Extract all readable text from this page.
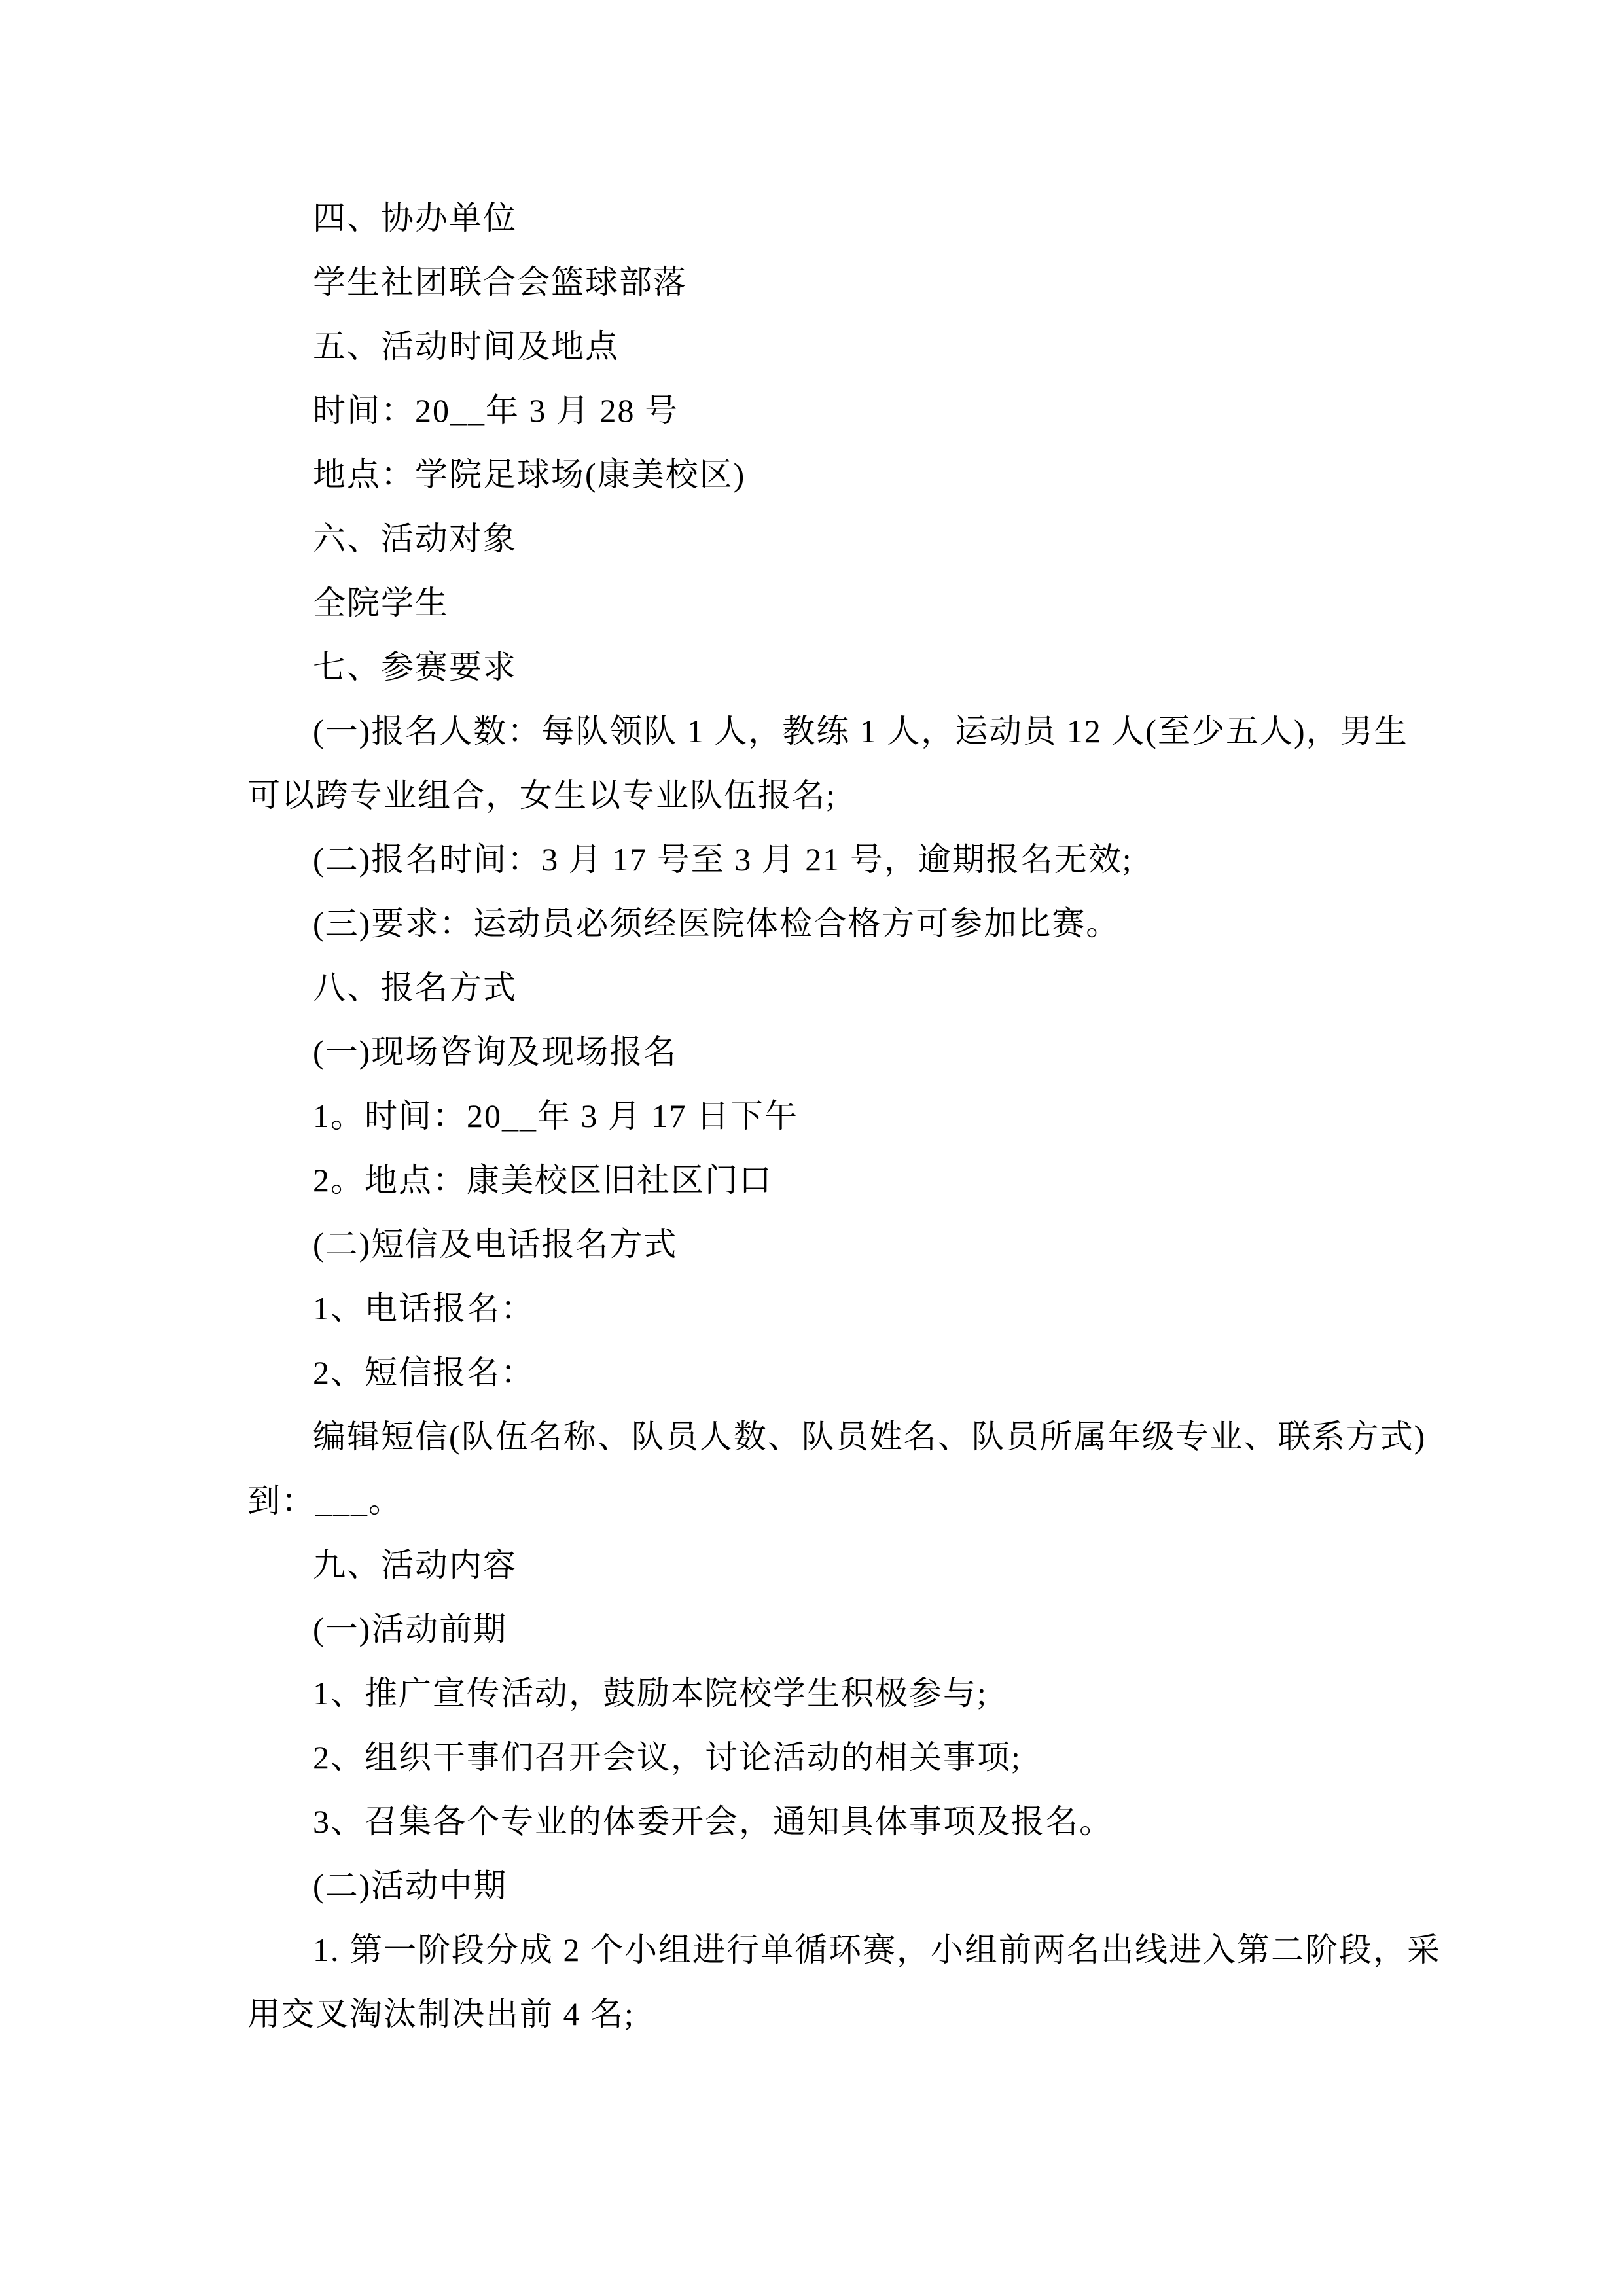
四、协办单位

学生社团联合会篮球部落

五、活动时间及地点

时间：20__年 3 月 28 号

地点：学院足球场(康美校区)

六、活动对象

全院学生

七、参赛要求

(一)报名人数：每队领队 1 人，教练 1 人，运动员 12 人(至少五人)，男生

可以跨专业组合，女生以专业队伍报名;

(二)报名时间：3 月 17 号至 3 月 21 号，逾期报名无效;

(三)要求：运动员必须经医院体检合格方可参加比赛。

八、报名方式

(一)现场咨询及现场报名

1。时间：20__年 3 月 17 日下午

2。地点：康美校区旧社区门口

(二)短信及电话报名方式

1、电话报名：

2、短信报名：

编辑短信(队伍名称、队员人数、队员姓名、队员所属年级专业、联系方式)

到：___。

九、活动内容

(一)活动前期

1、推广宣传活动，鼓励本院校学生积极参与;

2、组织干事们召开会议，讨论活动的相关事项;

3、召集各个专业的体委开会，通知具体事项及报名。

(二)活动中期

1. 第一阶段分成 2 个小组进行单循环赛，小组前两名出线进入第二阶段，采

用交叉淘汰制决出前 4 名;
